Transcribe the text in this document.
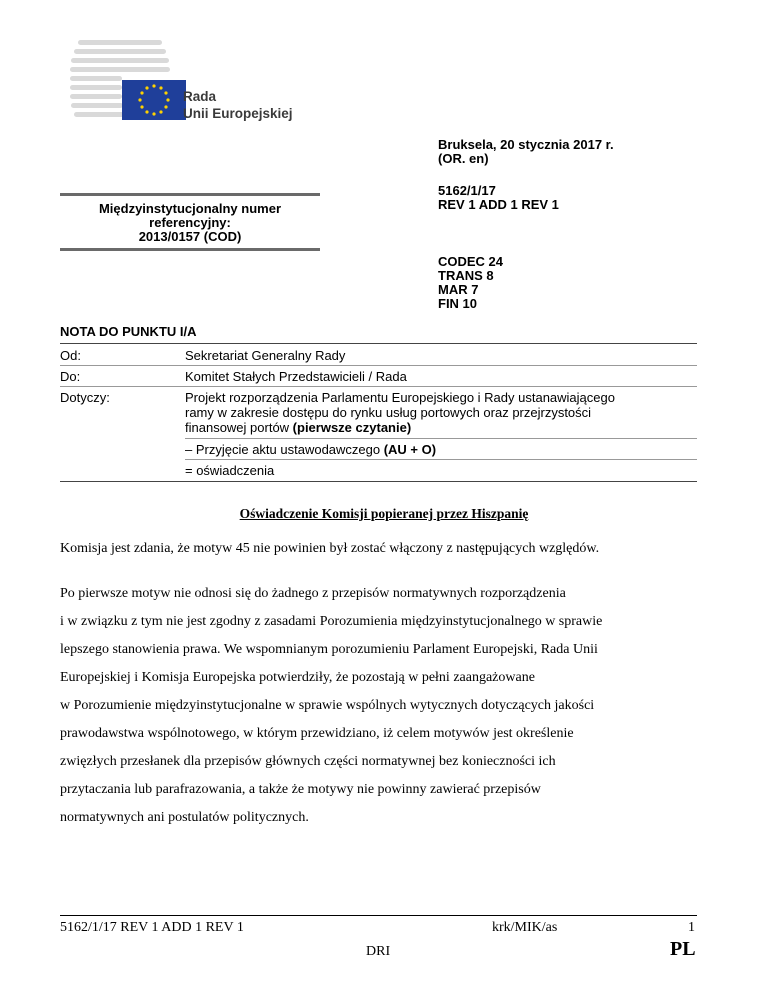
Rada
Unii Europejskiej
Bruksela, 20 stycznia 2017 r.
(OR. en)
5162/1/17
REV 1 ADD 1 REV 1
CODEC 24
TRANS 8
MAR 7
FIN 10
Międzyinstytucjonalny numer
referencyjny:
2013/0157 (COD)
NOTA DO PUNKTU I/A
Od:	Sekretariat Generalny Rady
Do:	Komitet Stałych Przedstawicieli / Rada
Dotyczy:	Projekt rozporządzenia Parlamentu Europejskiego i Rady ustanawiającego
ramy w zakresie dostępu do rynku usług portowych oraz przejrzystości
finansowej portów (pierwsze czytanie)
– Przyjęcie aktu ustawodawczego (AU + O)
= oświadczenia
Oświadczenie Komisji popieranej przez Hiszpanię
Komisja jest zdania, że motyw 45 nie powinien był zostać włączony z następujących względów.
Po pierwsze motyw nie odnosi się do żadnego z przepisów normatywnych rozporządzenia
i w związku z tym nie jest zgodny z zasadami Porozumienia międzyinstytucjonalnego w sprawie
lepszego stanowienia prawa. We wspomnianym porozumieniu Parlament Europejski, Rada Unii
Europejskiej i Komisja Europejska potwierdziły, że pozostają w pełni zaangażowane
w Porozumienie międzyinstytucjonalne w sprawie wspólnych wytycznych dotyczących jakości
prawodawstwa wspólnotowego, w którym przewidziano, iż celem motywów jest określenie
zwięzłych przesłanek dla przepisów głównych części normatywnej bez konieczności ich
przytaczania lub parafrazowania, a także że motywy nie powinny zawierać przepisów
normatywnych ani postulatów politycznych.
5162/1/17 REV 1 ADD 1 REV 1	krk/MIK/as	1
DRI	PL
